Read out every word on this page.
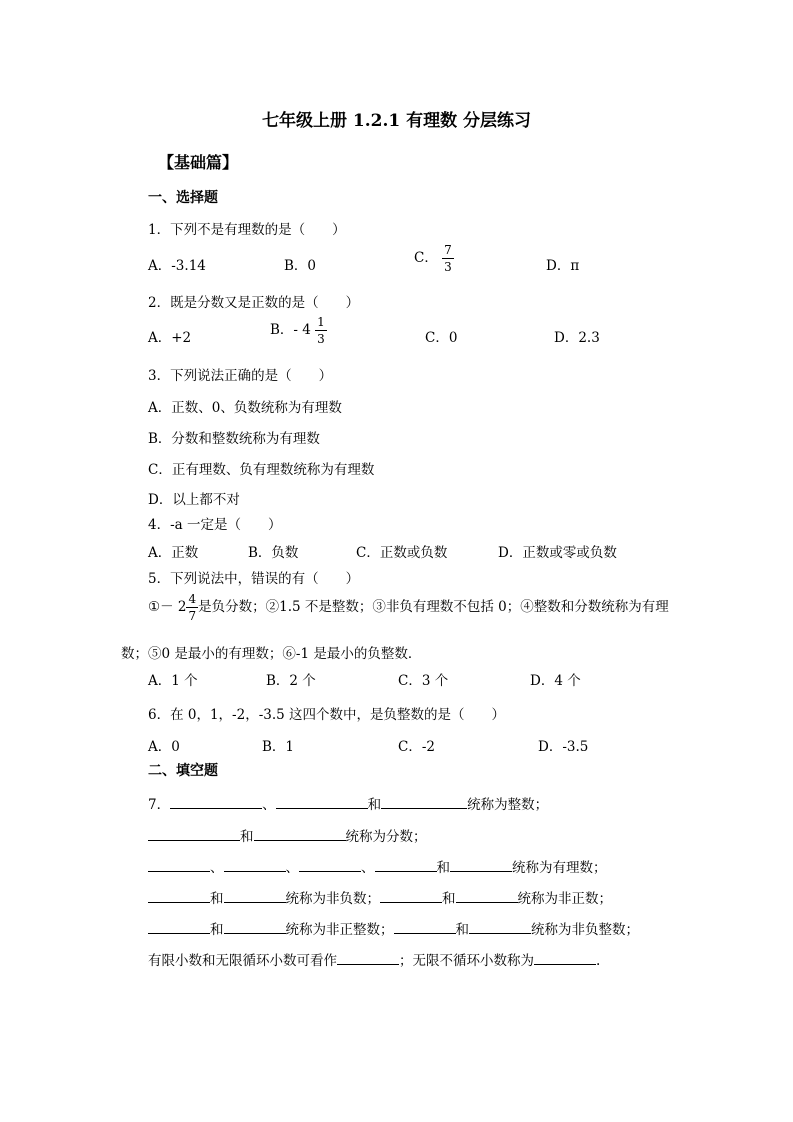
七年级上册 1.2.1 有理数 分层练习
【基础篇】
一、选择题
1．下列不是有理数的是（　　）
A．-3.14	B．0	C． $\frac{7}{3}$	D．π
2．既是分数又是正数的是（　　）
A．+2	B．- $4 \frac{1}{3}$	C．0	D．2.3
3．下列说法正确的是（　　）
A．正数、0、负数统称为有理数
B．分数和整数统称为有理数
C．正有理数、负有理数统称为有理数
D．以上都不对
4．-a 一定是（　　）
A．正数	B．负数	C．正数或负数	D．正数或零或负数
5．下列说法中，错误的有（　　）
①－ $2 \frac{4}{7}$ 是负分数；②1.5 不是整数；③非负有理数不包括 0；④整数和分数统称为有理
数；⑤0 是最小的有理数；⑥-1 是最小的负整数．
A．1 个	B．2 个	C．3 个	D．4 个
6．在 0，1，-2，-3.5 这四个数中，是负整数的是（　　）
A．0	B．1	C．-2	D．-3.5
二、填空题
7．	、	和	统称为整数；
和	统称为分数；
、	、	、	和	统称为有理数；
和	统称为非负数；	和	统称为非正数；
和	统称为非正整数；	和	统称为非负整数；
有限小数和无限循环小数可看作	；无限不循环小数称为	.
